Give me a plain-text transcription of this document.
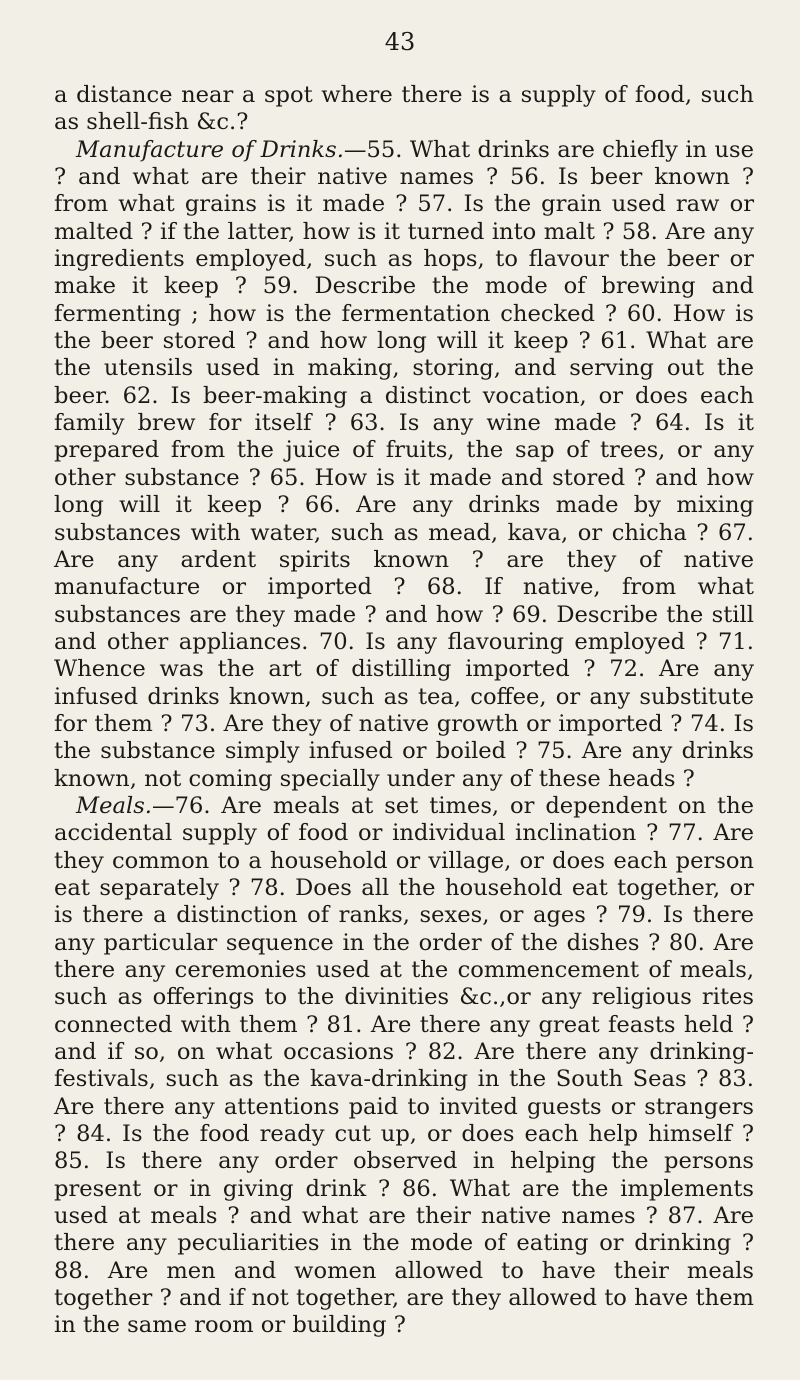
43

a distance near a spot where there is a supply of food, such as shell-fish &c.?

Manufacture of Drinks.—55. What drinks are chiefly in use ? and what are their native names ? 56. Is beer known ? from what grains is it made ? 57. Is the grain used raw or malted ? if the latter, how is it turned into malt ? 58. Are any ingredients employed, such as hops, to flavour the beer or make it keep ? 59. Describe the mode of brewing and fermenting ; how is the fermentation checked ? 60. How is the beer stored ? and how long will it keep ? 61. What are the utensils used in making, storing, and serving out the beer. 62. Is beer-making a distinct vocation, or does each family brew for itself ? 63. Is any wine made ? 64. Is it prepared from the juice of fruits, the sap of trees, or any other substance ? 65. How is it made and stored ? and how long will it keep ? 66. Are any drinks made by mixing substances with water, such as mead, kava, or chicha ? 67. Are any ardent spirits known ? are they of native manufacture or imported ? 68. If native, from what substances are they made ? and how ? 69. Describe the still and other appliances. 70. Is any flavouring employed ? 71. Whence was the art of distilling imported ? 72. Are any infused drinks known, such as tea, coffee, or any substitute for them ? 73. Are they of native growth or imported ? 74. Is the substance simply infused or boiled ? 75. Are any drinks known, not coming specially under any of these heads ?

Meals.—76. Are meals at set times, or dependent on the accidental supply of food or individual inclination ? 77. Are they common to a household or village, or does each person eat separately ? 78. Does all the household eat together, or is there a distinction of ranks, sexes, or ages ? 79. Is there any particular sequence in the order of the dishes ? 80. Are there any ceremonies used at the commencement of meals, such as offerings to the divinities &c.,or any religious rites connected with them ? 81. Are there any great feasts held ? and if so, on what occasions ? 82. Are there any drinking-festivals, such as the kava-drinking in the South Seas ? 83. Are there any attentions paid to invited guests or strangers ? 84. Is the food ready cut up, or does each help himself ? 85. Is there any order observed in helping the persons present or in giving drink ? 86. What are the implements used at meals ? and what are their native names ? 87. Are there any peculiarities in the mode of eating or drinking ? 88. Are men and women allowed to have their meals together ? and if not together, are they allowed to have them in the same room or building ?
